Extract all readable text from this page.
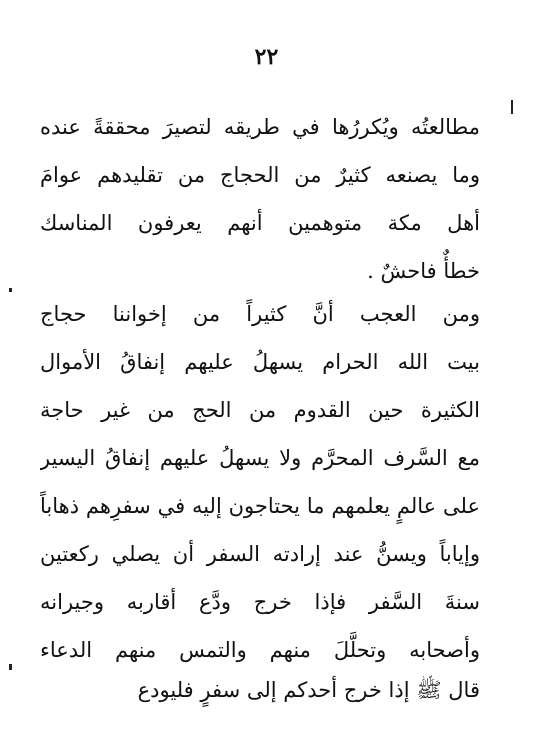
٢٢
مطالعتُه ويُكررُها في طريقه لتصيرَ محققةً عنده
وما يصنعه كثيرٌ من الحجاج من تقليدهم عوامَ
أهل مكة متوهمين أنهم يعرفون المناسك
خطأٌ فاحشٌ .
ومن العجب أنَّ كثيراً من إخواننا حجاج
بيت الله الحرام يسهلُ عليهم إنفاقُ الأموال
الكثيرة حين القدوم من الحج من غير حاجة
مع السَّرف المحرَّم ولا يسهلُ عليهم إنفاقُ اليسير
على عالمٍ يعلمهم ما يحتاجون إليه في سفرِهم ذهاباً
وإياباً ويسنُّ عند إرادته السفر أن يصلي ركعتين
سنةَ السَّفر فإذا خرج ودَّع أقاربه وجيرانه
وأصحابه وتحلَّلَ منهم والتمس منهم الدعاء
قال ﷺ إذا خرج أحدكم إلى سفرٍ فليودع
